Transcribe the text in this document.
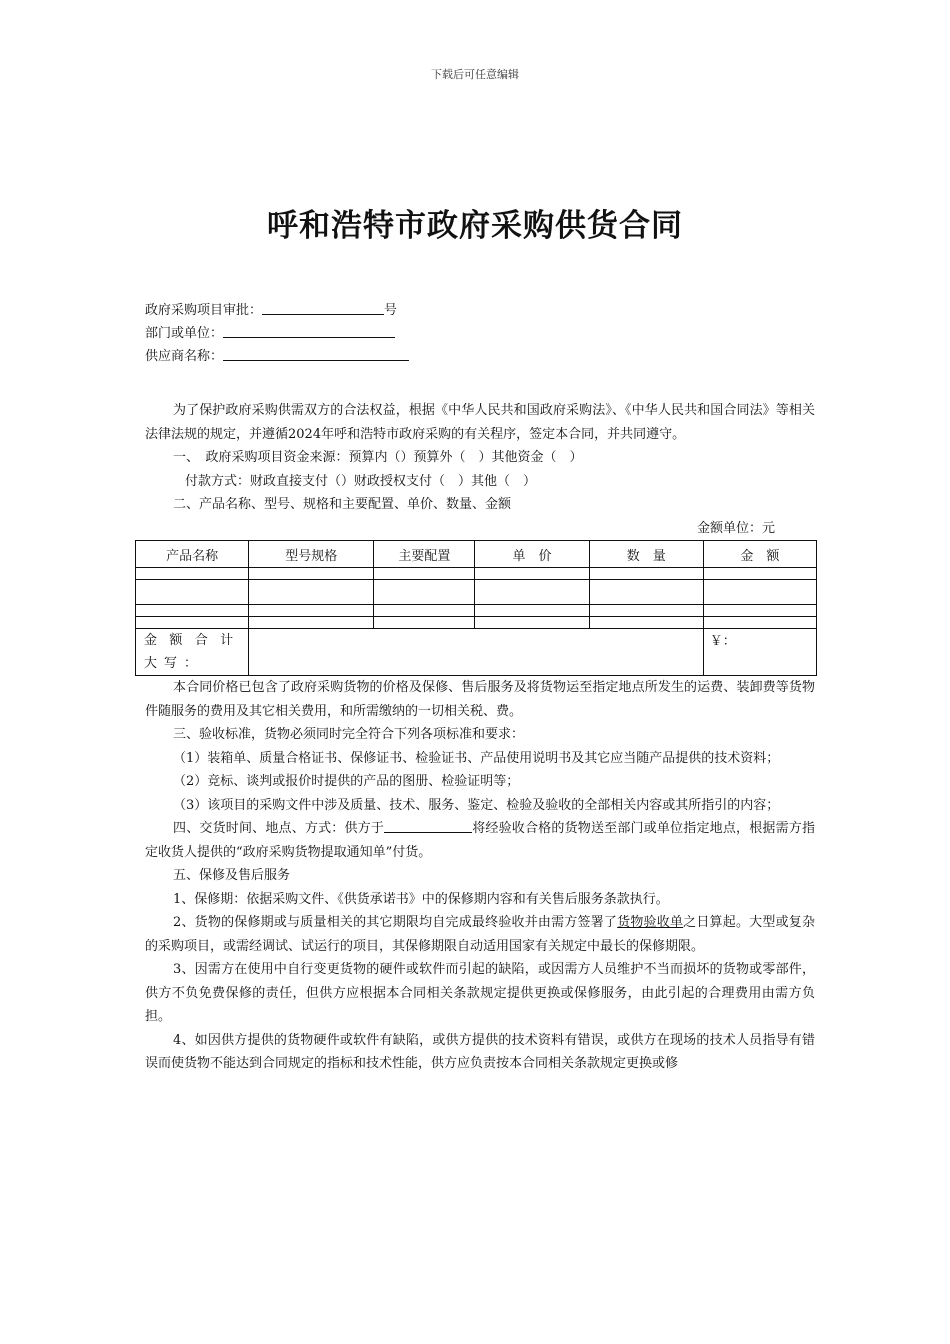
下载后可任意编辑
呼和浩特市政府采购供货合同
政府采购项目审批：	号
部门或单位：
供应商名称：

为了保护政府采购供需双方的合法权益，根据《中华人民共和国政府采购法》、《中华人民共和国合同法》等相关法律法规的规定，并遵循2024年呼和浩特市政府采购的有关程序，签定本合同，并共同遵守。

一、　政府采购项目资金来源：预算内（）预算外（　）其他资金（　）

付款方式：财政直接支付（）财政授权支付（　）其他（　）

二、产品名称、型号、规格和主要配置、单价、数量、金额

金额单位：元

产品名称	型号规格	主要配置	单　价	数　量	金　额

金额合计大写：					￥：

本合同价格已包含了政府采购货物的价格及保修、售后服务及将货物运至指定地点所发生的运费、装卸费等货物件随服务的费用及其它相关费用，和所需缴纳的一切相关税、费。

三、验收标准，货物必须同时完全符合下列各项标准和要求：

（1）装箱单、质量合格证书、保修证书、检验证书、产品使用说明书及其它应当随产品提供的技术资料；

（2）竞标、谈判或报价时提供的产品的图册、检验证明等；

（3）该项目的采购文件中涉及质量、技术、服务、鉴定、检验及验收的全部相关内容或其所指引的内容；

四、交货时间、地点、方式：供方于	将经验收合格的货物送至部门或单位指定地点，根据需方指定收货人提供的“政府采购货物提取通知单”付货。

五、保修及售后服务

1、保修期：依据采购文件、《供货承诺书》中的保修期内容和有关售后服务条款执行。

2、货物的保修期或与质量相关的其它期限均自完成最终验收并由需方签署了货物验收单之日算起。大型或复杂的采购项目，或需经调试、试运行的项目，其保修期限自动适用国家有关规定中最长的保修期限。

3、因需方在使用中自行变更货物的硬件或软件而引起的缺陷，或因需方人员维护不当而损坏的货物或零部件，供方不负免费保修的责任，但供方应根据本合同相关条款规定提供更换或保修服务，由此引起的合理费用由需方负担。

4、如因供方提供的货物硬件或软件有缺陷，或供方提供的技术资料有错误，或供方在现场的技术人员指导有错误而使货物不能达到合同规定的指标和技术性能，供方应负责按本合同相关条款规定更换或修
